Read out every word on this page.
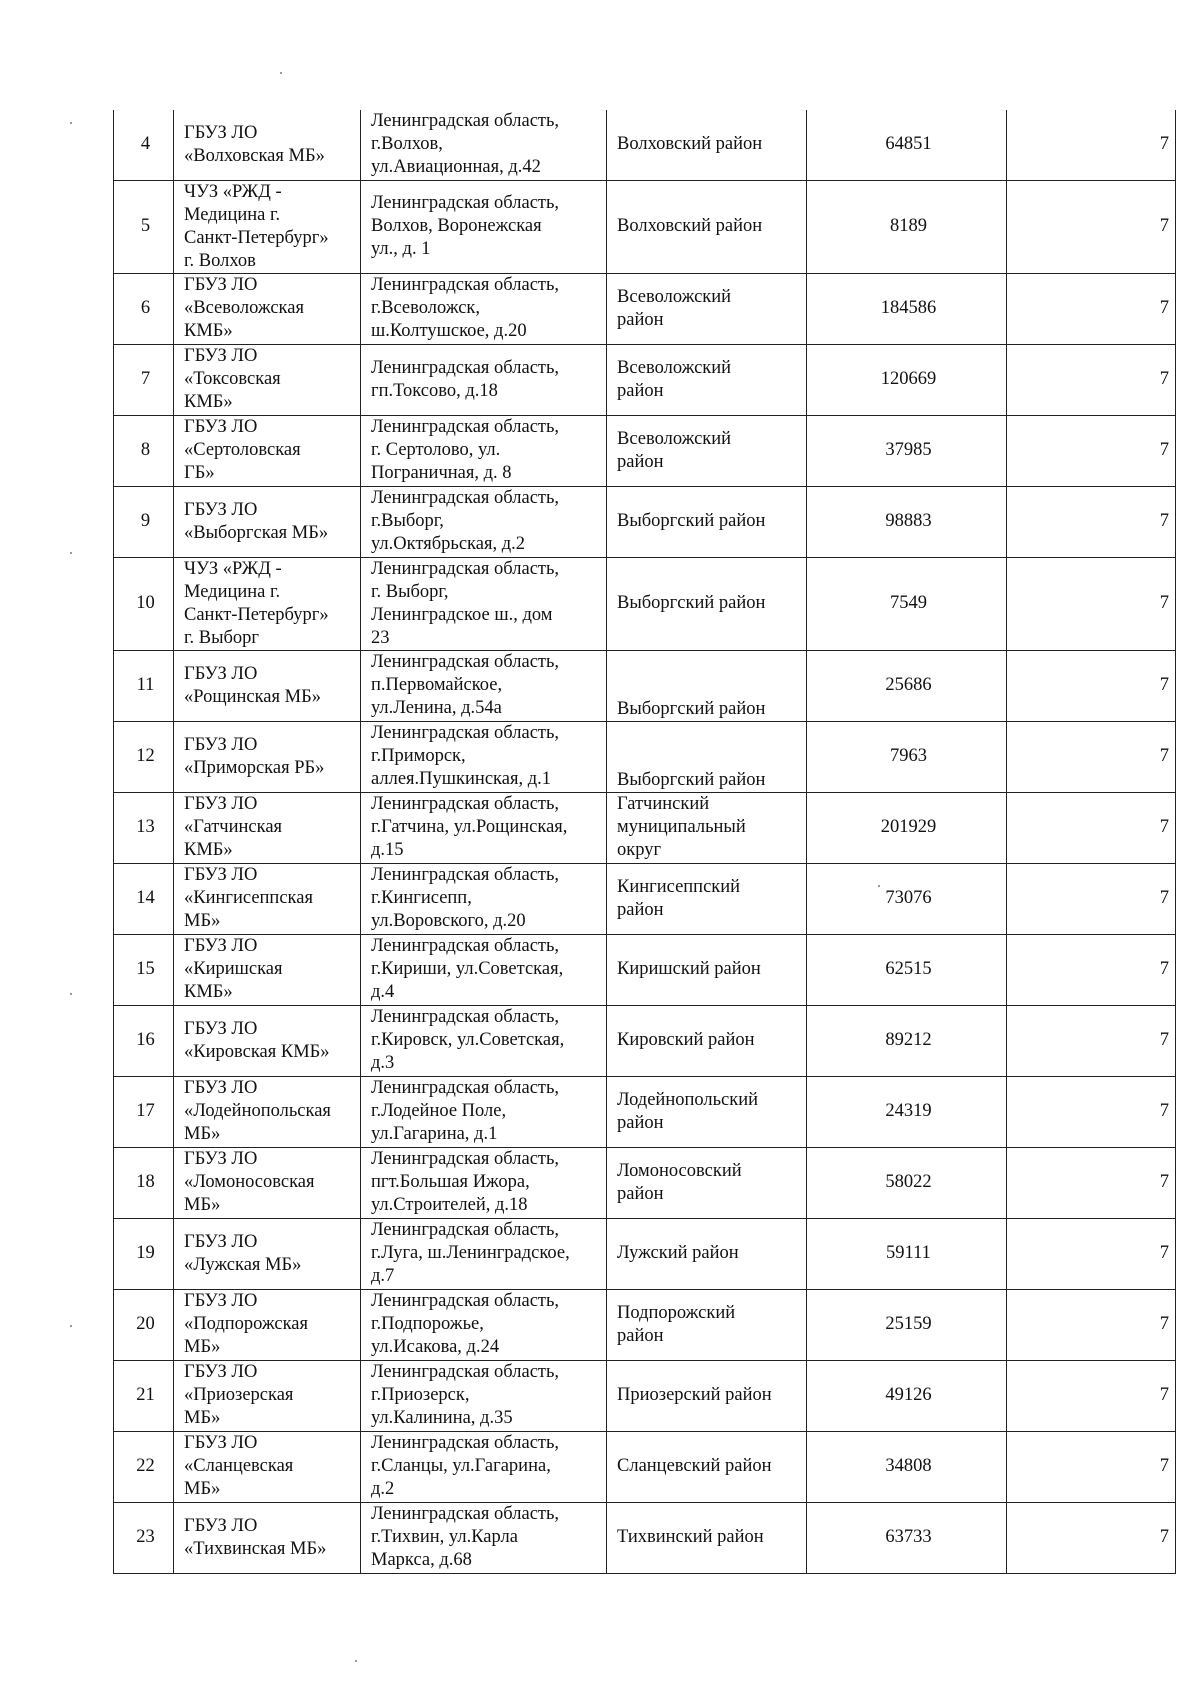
4	ГБУЗ ЛО
«Волховская МБ»	Ленинградская область,
г.Волхов,
ул.Авиационная, д.42	Волховский район	64851	7
5	ЧУЗ «РЖД -
Медицина г.
Санкт-Петербург»
г. Волхов	Ленинградская область,
Волхов, Воронежская
ул., д. 1	Волховский район	8189	7
6	ГБУЗ ЛО
«Всеволожская
КМБ»	Ленинградская область,
г.Всеволожск,
ш.Колтушское, д.20	Всеволожский
район	184586	7
7	ГБУЗ ЛО
«Токсовская
КМБ»	Ленинградская область,
гп.Токсово, д.18	Всеволожский
район	120669	7
8	ГБУЗ ЛО
«Сертоловская
ГБ»	Ленинградская область,
г. Сертолово, ул.
Пограничная, д. 8	Всеволожский
район	37985	7
9	ГБУЗ ЛО
«Выборгская МБ»	Ленинградская область,
г.Выборг,
ул.Октябрьская, д.2	Выборгский район	98883	7
10	ЧУЗ «РЖД -
Медицина г.
Санкт-Петербург»
г. Выборг	Ленинградская область,
г. Выборг,
Ленинградское ш., дом
23	Выборгский район	7549	7
11	ГБУЗ ЛО
«Рощинская МБ»	Ленинградская область,
п.Первомайское,
ул.Ленина, д.54а	Выборгский район	25686	7
12	ГБУЗ ЛО
«Приморская РБ»	Ленинградская область,
г.Приморск,
аллея.Пушкинская, д.1	Выборгский район	7963	7
13	ГБУЗ ЛО
«Гатчинская
КМБ»	Ленинградская область,
г.Гатчина, ул.Рощинская,
д.15	Гатчинский
муниципальный
округ	201929	7
14	ГБУЗ ЛО
«Кингисеппская
МБ»	Ленинградская область,
г.Кингисепп,
ул.Воровского, д.20	Кингисеппский
район	73076	7
15	ГБУЗ ЛО
«Киришская
КМБ»	Ленинградская область,
г.Кириши, ул.Советская,
д.4	Киришский район	62515	7
16	ГБУЗ ЛО
«Кировская КМБ»	Ленинградская область,
г.Кировск, ул.Советская,
д.3	Кировский район	89212	7
17	ГБУЗ ЛО
«Лодейнопольская
МБ»	Ленинградская область,
г.Лодейное Поле,
ул.Гагарина, д.1	Лодейнопольский
район	24319	7
18	ГБУЗ ЛО
«Ломоносовская
МБ»	Ленинградская область,
пгт.Большая Ижора,
ул.Строителей, д.18	Ломоносовский
район	58022	7
19	ГБУЗ ЛО
«Лужская МБ»	Ленинградская область,
г.Луга, ш.Ленинградское,
д.7	Лужский район	59111	7
20	ГБУЗ ЛО
«Подпорожская
МБ»	Ленинградская область,
г.Подпорожье,
ул.Исакова, д.24	Подпорожский
район	25159	7
21	ГБУЗ ЛО
«Приозерская
МБ»	Ленинградская область,
г.Приозерск,
ул.Калинина, д.35	Приозерский район	49126	7
22	ГБУЗ ЛО
«Сланцевская
МБ»	Ленинградская область,
г.Сланцы, ул.Гагарина,
д.2	Сланцевский район	34808	7
23	ГБУЗ ЛО
«Тихвинская МБ»	Ленинградская область,
г.Тихвин, ул.Карла
Маркса, д.68	Тихвинский район	63733	7
